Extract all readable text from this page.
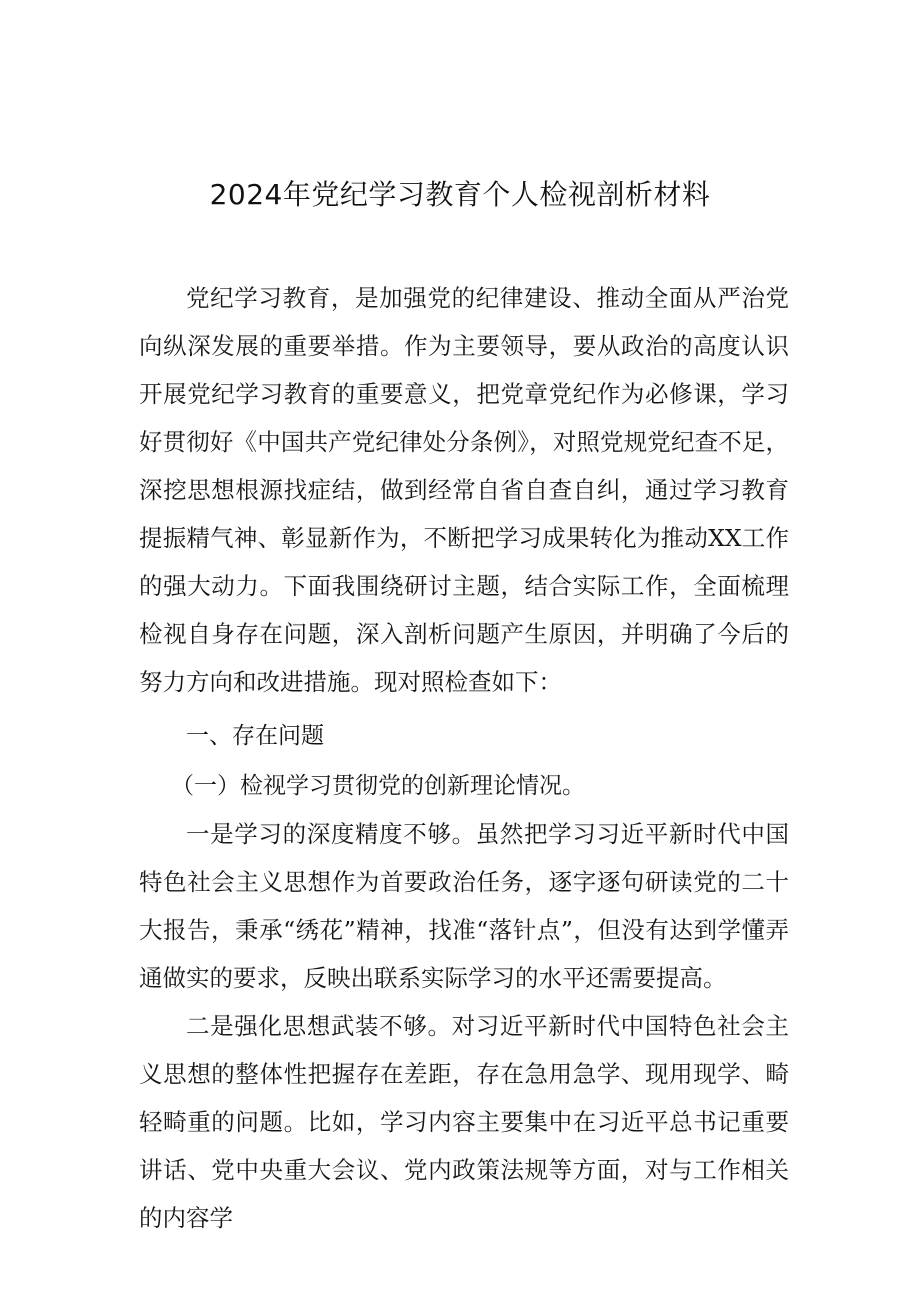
2024年党纪学习教育个人检视剖析材料

党纪学习教育，是加强党的纪律建设、推动全面从严治党向纵深发展的重要举措。作为主要领导，要从政治的高度认识开展党纪学习教育的重要意义，把党章党纪作为必修课，学习好贯彻好《中国共产党纪律处分条例》，对照党规党纪查不足，深挖思想根源找症结，做到经常自省自查自纠，通过学习教育提振精气神、彰显新作为，不断把学习成果转化为推动XX工作的强大动力。下面我围绕研讨主题，结合实际工作，全面梳理检视自身存在问题，深入剖析问题产生原因，并明确了今后的努力方向和改进措施。现对照检查如下：

一、存在问题

（一）检视学习贯彻党的创新理论情况。

一是学习的深度精度不够。虽然把学习习近平新时代中国特色社会主义思想作为首要政治任务，逐字逐句研读党的二十大报告，秉承“绣花”精神，找准“落针点”，但没有达到学懂弄通做实的要求，反映出联系实际学习的水平还需要提高。

二是强化思想武装不够。对习近平新时代中国特色社会主义思想的整体性把握存在差距，存在急用急学、现用现学、畸轻畸重的问题。比如，学习内容主要集中在习近平总书记重要讲话、党中央重大会议、党内政策法规等方面，对与工作相关的内容学
